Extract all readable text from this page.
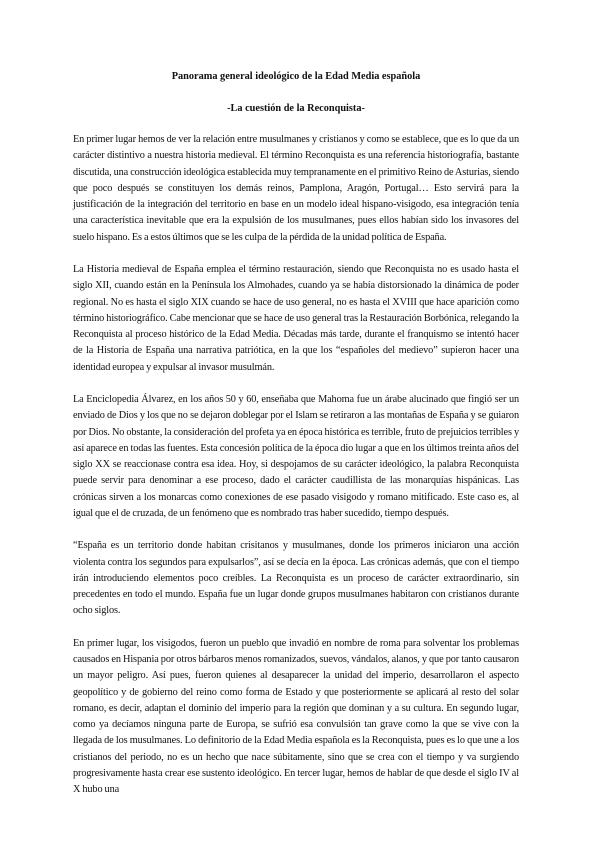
Panorama general ideológico de la Edad Media española
-La cuestión de la Reconquista-

En primer lugar hemos de ver la relación entre musulmanes y cristianos y como se establece, que es lo que da un carácter distintivo a nuestra historia medieval. El término Reconquista es una referencia historiografía, bastante discutida, una construcción ideológica establecida muy tempranamente en el primitivo Reino de Asturias, siendo que poco después se constituyen los demás reinos, Pamplona, Aragón, Portugal… Esto servirá para la justificación de la integración del territorio en base en un modelo ideal hispano-visigodo, esa integración tenía una característica inevitable que era la expulsión de los musulmanes, pues ellos habían sido los invasores del suelo hispano. Es a estos últimos que se les culpa de la pérdida de la unidad política de España.

La Historia medieval de España emplea el término restauración, siendo que Reconquista no es usado hasta el siglo XII, cuando están en la Península los Almohades, cuando ya se había distorsionado la dinámica de poder regional. No es hasta el siglo XIX cuando se hace de uso general, no es hasta el XVIII que hace aparición como término historiográfico. Cabe mencionar que se hace de uso general tras la Restauración Borbónica, relegando la Reconquista al proceso histórico de la Edad Media. Décadas más tarde, durante el franquismo se intentó hacer de la Historia de España una narrativa patriótica, en la que los “españoles del medievo” supieron hacer una identidad europea y expulsar al invasor musulmán.

La Enciclopedia Álvarez, en los años 50 y 60, enseñaba que Mahoma fue un árabe alucinado que fingió ser un enviado de Dios y los que no se dejaron doblegar por el Islam se retiraron a las montañas de España y se guiaron por Dios. No obstante, la consideración del profeta ya en época histórica es terrible, fruto de prejuicios terribles y así aparece en todas las fuentes. Esta concesión política de la época dio lugar a que en los últimos treinta años del siglo XX se reaccionase contra esa idea. Hoy, si despojamos de su carácter ideológico, la palabra Reconquista puede servir para denominar a ese proceso, dado el carácter caudillista de las monarquías hispánicas. Las crónicas sirven a los monarcas como conexiones de ese pasado visigodo y romano mitificado. Este caso es, al igual que el de cruzada, de un fenómeno que es nombrado tras haber sucedido, tiempo después.

“España es un territorio donde habitan crisitanos y musulmanes, donde los primeros iniciaron una acción violenta contra los segundos para expulsarlos”, así se decía en la época. Las crónicas además, que con el tiempo irán introduciendo elementos poco creíbles. La Reconquista es un proceso de carácter extraordinario, sin precedentes en todo el mundo. España fue un lugar donde grupos musulmanes habitaron con cristianos durante ocho siglos.

En primer lugar, los visigodos, fueron un pueblo que invadió en nombre de roma para solventar los problemas causados en Hispania por otros bárbaros menos romanizados, suevos, vándalos, alanos, y que por tanto causaron un mayor peligro. Así pues, fueron quienes al desaparecer la unidad del imperio, desarrollaron el aspecto geopolítico y de gobierno del reino como forma de Estado y que posteriormente se aplicará al resto del solar romano, es decir, adaptan el dominio del imperio para la región que dominan y a su cultura. En segundo lugar, como ya decíamos ninguna parte de Europa, se sufrió esa convulsión tan grave como la que se vive con la llegada de los musulmanes. Lo definitorio de la Edad Media española es la Reconquista, pues es lo que une a los cristianos del periodo, no es un hecho que nace súbitamente, sino que se crea con el tiempo y va surgiendo progresivamente hasta crear ese sustento ideológico. En tercer lugar, hemos de hablar de que desde el siglo IV al X hubo una
